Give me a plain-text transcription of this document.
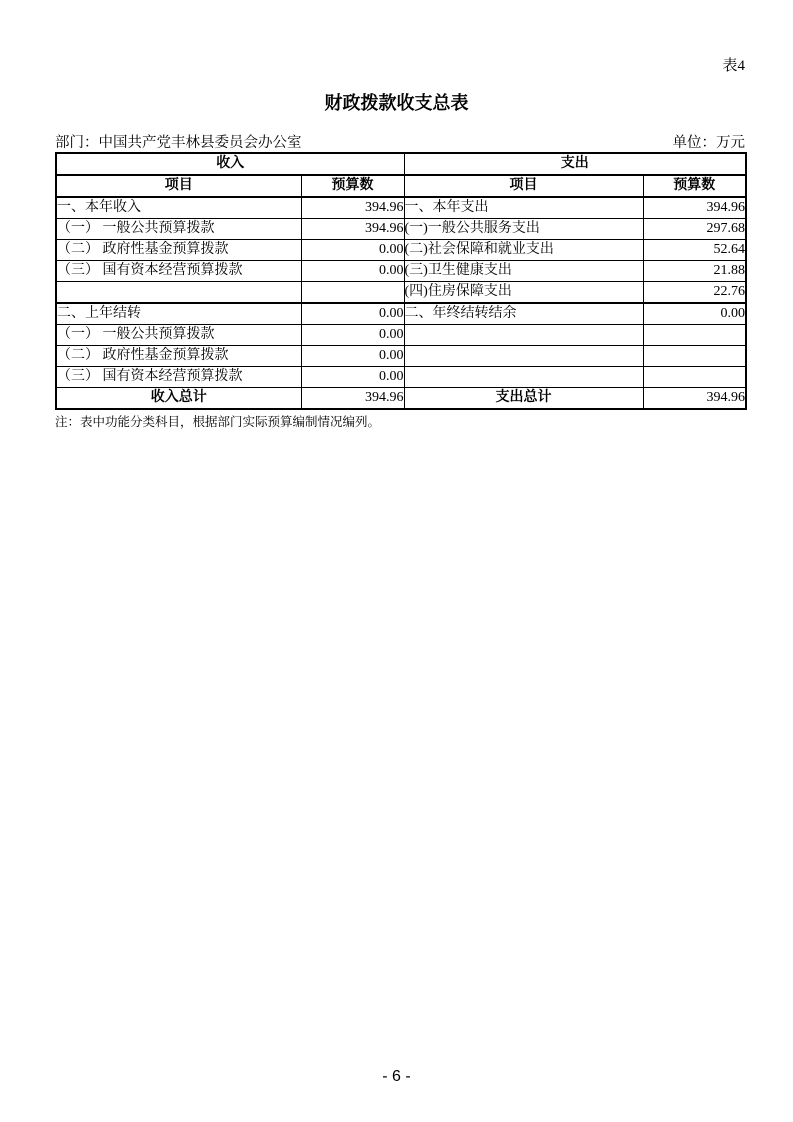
表4
财政拨款收支总表
部门：中国共产党丰林县委员会办公室	单位：万元
收入		支出	
项目	预算数	项目	预算数
一、本年收入	394.96	一、本年支出	394.96
（一） 一般公共预算拨款	394.96	(一)一般公共服务支出	297.68
（二） 政府性基金预算拨款	0.00	(二)社会保障和就业支出	52.64
（三） 国有资本经营预算拨款	0.00	(三)卫生健康支出	21.88
		(四)住房保障支出	22.76
二、上年结转	0.00	二、年终结转结余	0.00
（一） 一般公共预算拨款	0.00		
（二） 政府性基金预算拨款	0.00		
（三） 国有资本经营预算拨款	0.00		
收入总计	394.96	支出总计	394.96
注：表中功能分类科目，根据部门实际预算编制情况编列。
- 6 -
